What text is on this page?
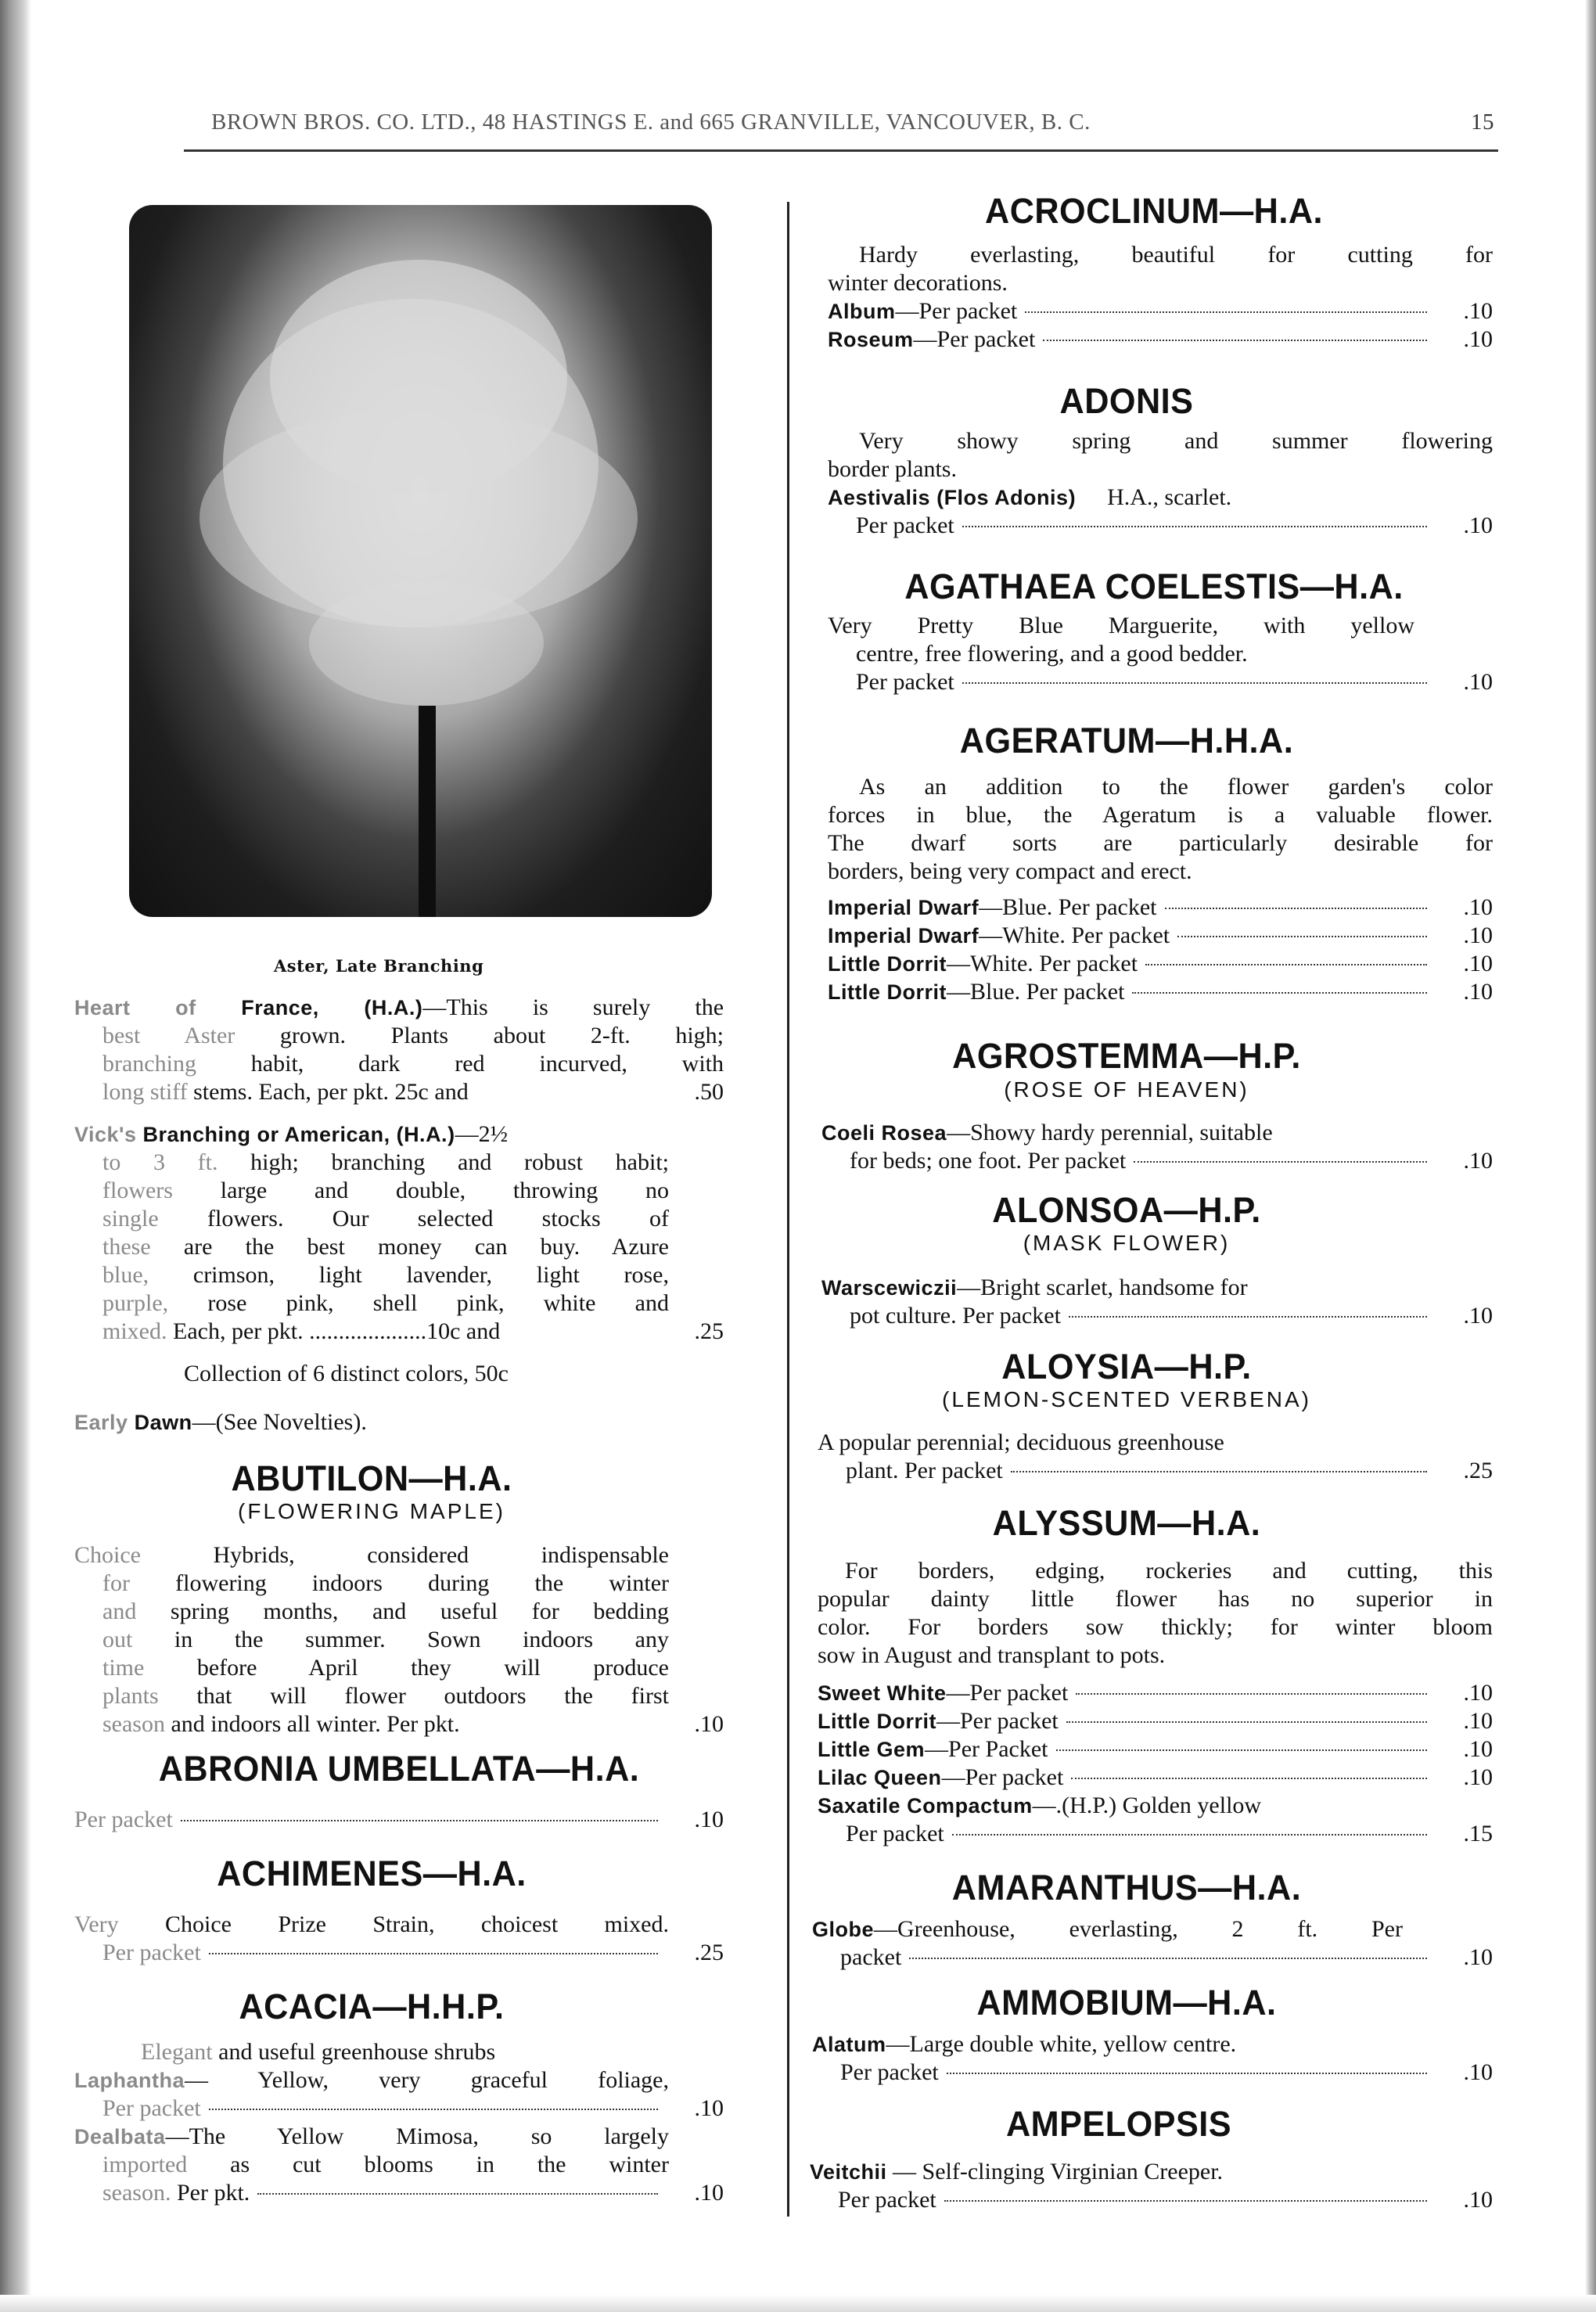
BROWN BROS. CO. LTD., 48 HASTINGS E. and 665 GRANVILLE, VANCOUVER, B. C.	15
Aster, Late Branching
Heart of France, (H.A.)—This is surely the
best Aster grown. Plants about 2-ft. high;
branching habit, dark red incurved, with
long stiff stems. Each, per pkt. 25c and	.50
Vick's Branching or American, (H.A.)—2½
to 3 ft. high; branching and robust habit;
flowers large and double, throwing no
single flowers. Our selected stocks of
these are the best money can buy. Azure
blue, crimson, light lavender, light rose,
purple, rose pink, shell pink, white and
mixed. Each, per pkt. ....................10c and	.25
Collection of 6 distinct colors, 50c
Early Dawn—(See Novelties).
ABUTILON—H.A.
(FLOWERING MAPLE)
Choice Hybrids, considered indispensable
for flowering indoors during the winter
and spring months, and useful for bedding
out in the summer. Sown indoors any
time before April they will produce
plants that will flower outdoors the first
season and indoors all winter. Per pkt.	.10
ABRONIA UMBELLATA—H.A.
Per packet	.10
ACHIMENES—H.A.
Very Choice Prize Strain, choicest mixed.
Per packet	.25
ACACIA—H.H.P.
Elegant and useful greenhouse shrubs
Laphantha— Yellow, very graceful foliage,
Per packet	.10
Dealbata—The Yellow Mimosa, so largely
imported as cut blooms in the winter
season. Per pkt.	.10
ACROCLINUM—H.A.
Hardy everlasting, beautiful for cutting for
winter decorations.
Album—Per packet	.10
Roseum—Per packet	.10
ADONIS
Very showy spring and summer flowering
border plants.
Aestivalis (Flos Adonis) H.A., scarlet.
Per packet	.10
AGATHAEA COELESTIS—H.A.
Very Pretty Blue Marguerite, with yellow
centre, free flowering, and a good bedder.
Per packet	.10
AGERATUM—H.H.A.
As an addition to the flower garden's color
forces in blue, the Ageratum is a valuable flower.
The dwarf sorts are particularly desirable for
borders, being very compact and erect.
Imperial Dwarf—Blue. Per packet	.10
Imperial Dwarf—White. Per packet	.10
Little Dorrit—White. Per packet	.10
Little Dorrit—Blue. Per packet	.10
AGROSTEMMA—H.P.
(ROSE OF HEAVEN)
Coeli Rosea—Showy hardy perennial, suitable
for beds; one foot. Per packet	.10
ALONSOA—H.P.
(MASK FLOWER)
Warscewiczii—Bright scarlet, handsome for
pot culture. Per packet	.10
ALOYSIA—H.P.
(LEMON-SCENTED VERBENA)
A popular perennial; deciduous greenhouse
plant. Per packet	.25
ALYSSUM—H.A.
For borders, edging, rockeries and cutting, this
popular dainty little flower has no superior in
color. For borders sow thickly; for winter bloom
sow in August and transplant to pots.
Sweet White—Per packet	.10
Little Dorrit—Per packet	.10
Little Gem—Per Packet	.10
Lilac Queen—Per packet	.10
Saxatile Compactum—.(H.P.) Golden yellow
Per packet	.15
AMARANTHUS—H.A.
Globe—Greenhouse, everlasting, 2 ft. Per
packet	.10
AMMOBIUM—H.A.
Alatum—Large double white, yellow centre.
Per packet	.10
AMPELOPSIS
Veitchii — Self-clinging Virginian Creeper.
Per packet	.10
